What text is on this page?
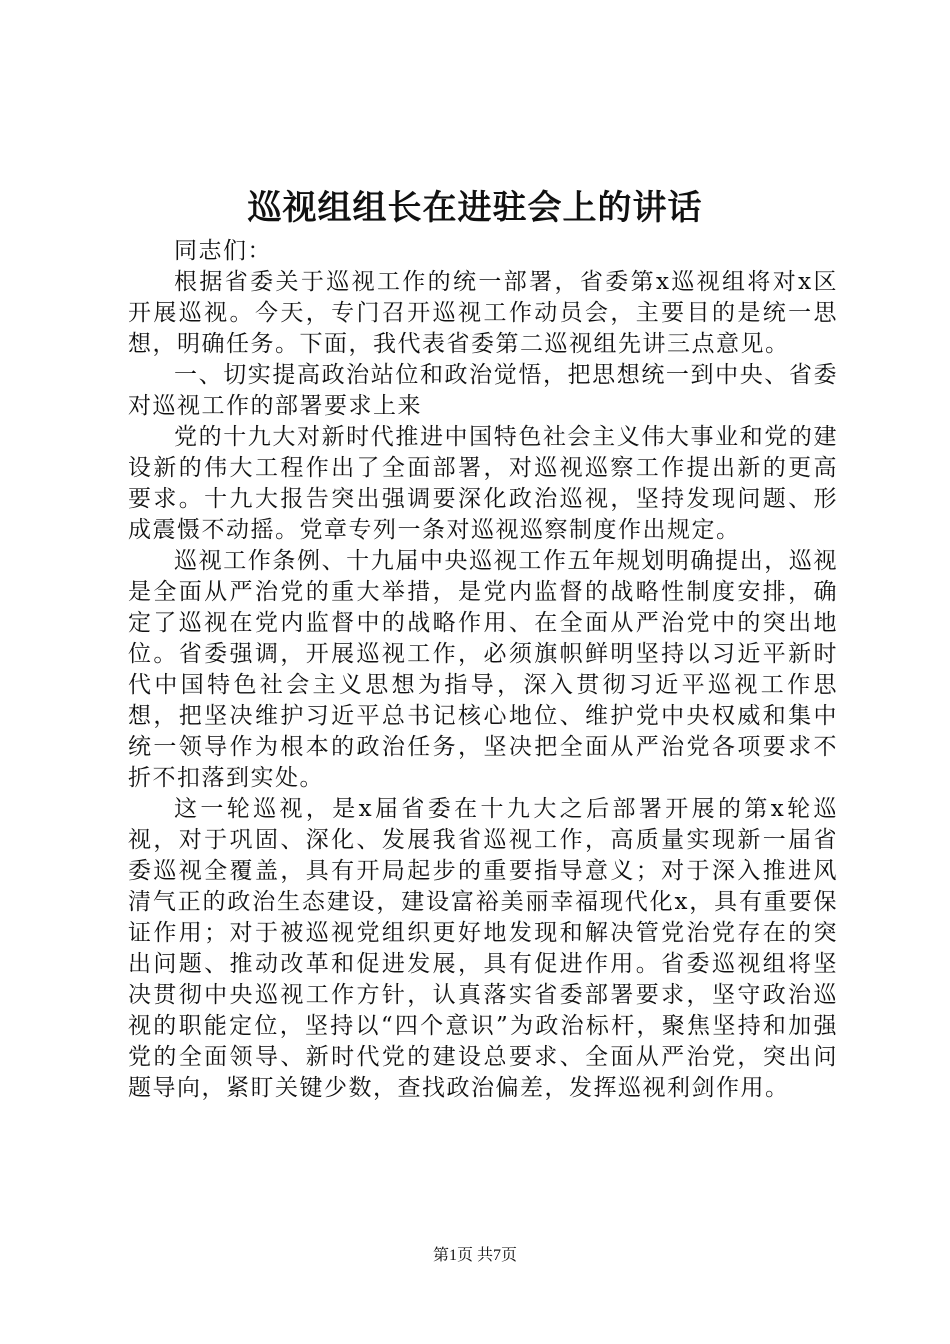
巡视组组长在进驻会上的讲话

同志们：

根据省委关于巡视工作的统一部署，省委第x巡视组将对x区开展巡视。今天，专门召开巡视工作动员会，主要目的是统一思想，明确任务。下面，我代表省委第二巡视组先讲三点意见。

一、切实提高政治站位和政治觉悟，把思想统一到中央、省委对巡视工作的部署要求上来

党的十九大对新时代推进中国特色社会主义伟大事业和党的建设新的伟大工程作出了全面部署，对巡视巡察工作提出新的更高要求。十九大报告突出强调要深化政治巡视，坚持发现问题、形成震慑不动摇。党章专列一条对巡视巡察制度作出规定。

巡视工作条例、十九届中央巡视工作五年规划明确提出，巡视是全面从严治党的重大举措，是党内监督的战略性制度安排，确定了巡视在党内监督中的战略作用、在全面从严治党中的突出地位。省委强调，开展巡视工作，必须旗帜鲜明坚持以习近平新时代中国特色社会主义思想为指导，深入贯彻习近平巡视工作思想，把坚决维护习近平总书记核心地位、维护党中央权威和集中统一领导作为根本的政治任务，坚决把全面从严治党各项要求不折不扣落到实处。

这一轮巡视，是x届省委在十九大之后部署开展的第x轮巡视，对于巩固、深化、发展我省巡视工作，高质量实现新一届省委巡视全覆盖，具有开局起步的重要指导意义；对于深入推进风清气正的政治生态建设，建设富裕美丽幸福现代化x，具有重要保证作用；对于被巡视党组织更好地发现和解决管党治党存在的突出问题、推动改革和促进发展，具有促进作用。省委巡视组将坚决贯彻中央巡视工作方针，认真落实省委部署要求，坚守政治巡视的职能定位，坚持以“四个意识”为政治标杆，聚焦坚持和加强党的全面领导、新时代党的建设总要求、全面从严治党，突出问题导向，紧盯关键少数，查找政治偏差，发挥巡视利剑作用。

第1页 共7页
